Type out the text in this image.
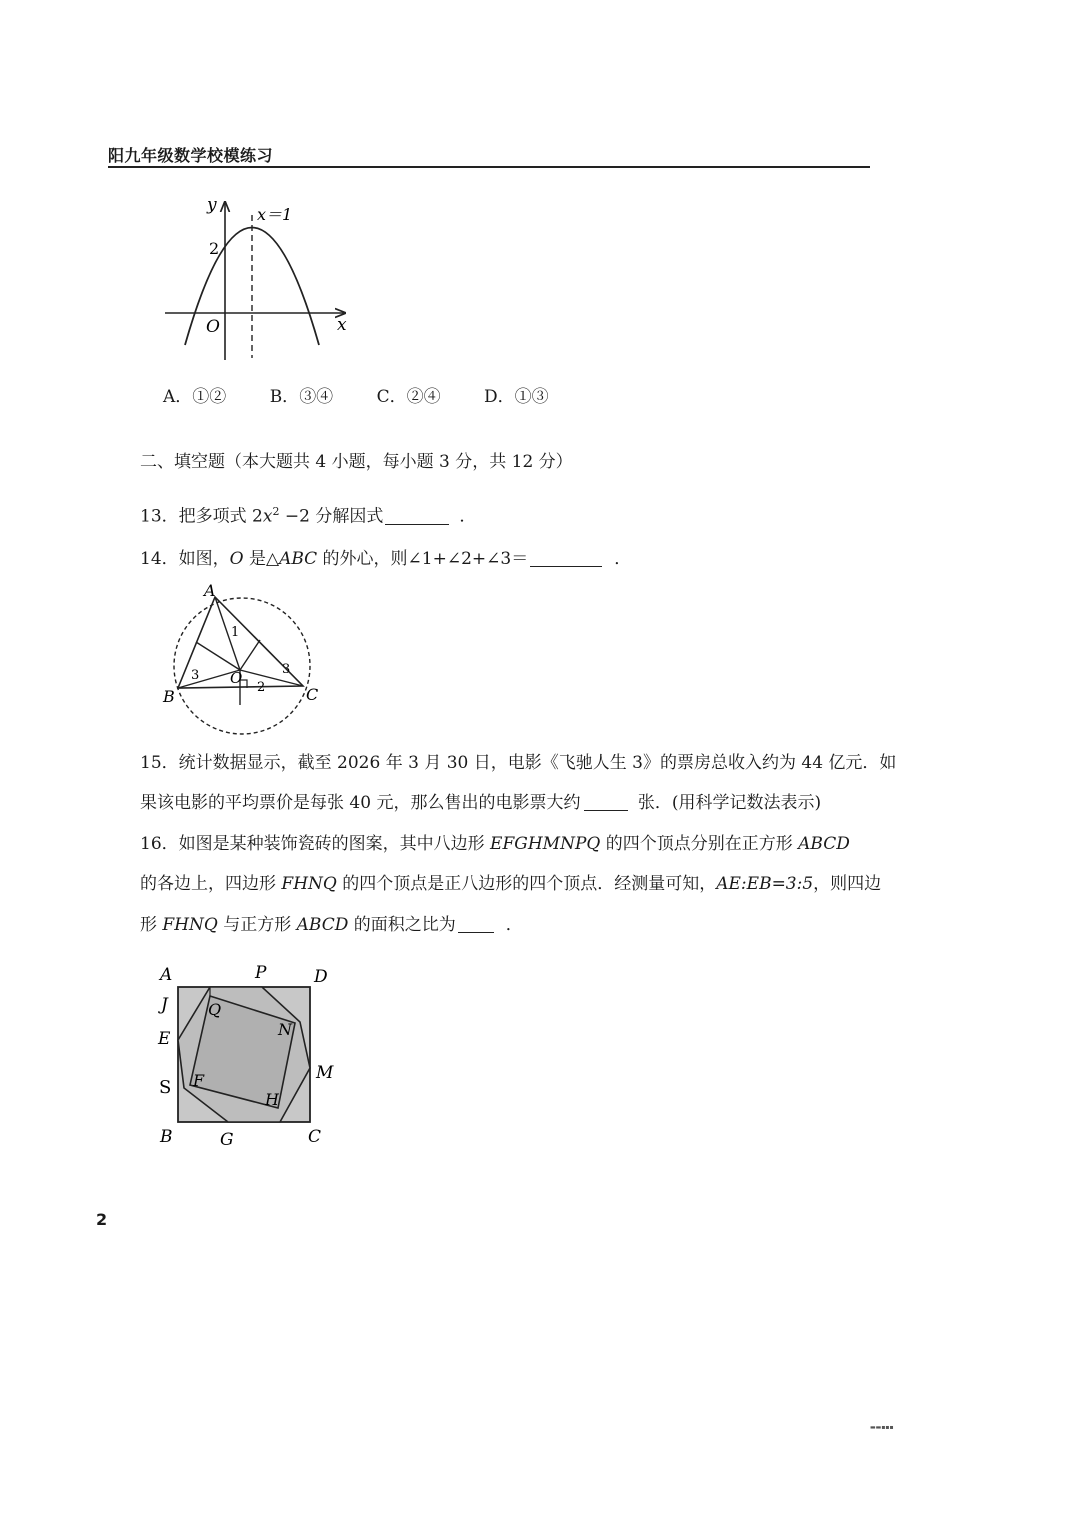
阳九年级数学校模练习
y
x
O
2
x＝1
A．①②	B．③④	C．②④	D．①③
二、填空题（本大题共 4 小题，每小题 3 分，共 12 分）
13．把多项式 $2x^2 -2$ 分解因式	．
14．如图，O 是△ABC 的外心，则∠1+∠2+∠3＝	．
A
B	C
O
1
2
3	3
15．统计数据显示，截至 2026 年 3 月 30 日，电影《飞驰人生 3》的票房总收入约为 44 亿元．如
果该电影的平均票价是每张 40 元，那么售出的电影票大约	张．(用科学记数法表示)
16．如图是某种装饰瓷砖的图案，其中八边形 EFGHMNPQ 的四个顶点分别在正方形 ABCD
的各边上，四边形 FHNQ 的四个顶点是正八边形的四个顶点．经测量可知，AE:EB=3:5，则四边
形 FHNQ 与正方形 ABCD 的面积之比为	．
A	P	D
J
E
S
B	G	C
M
Q
N
F
H
2
▬▬▪▪▪
